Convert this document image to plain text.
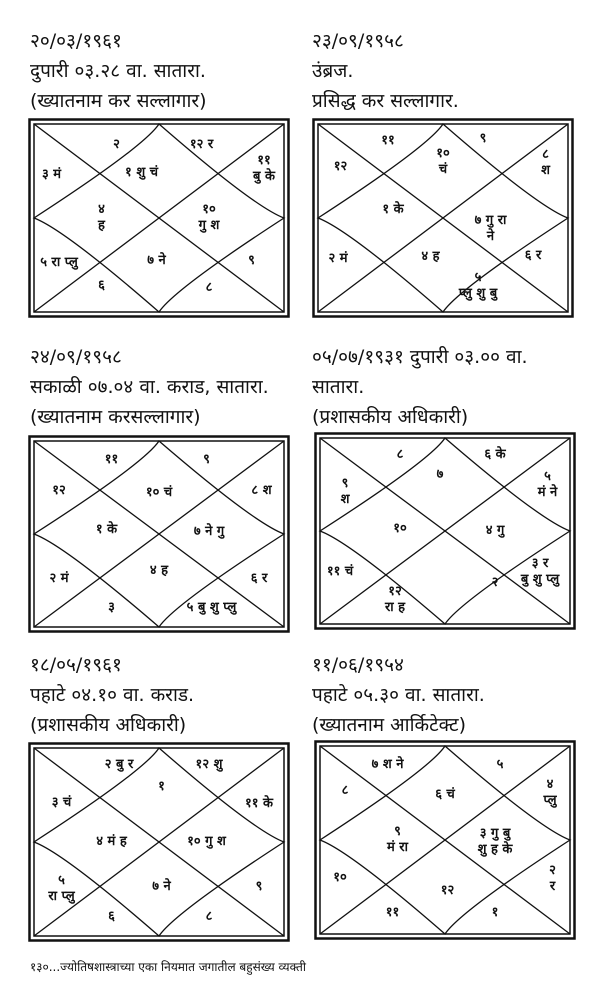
२०/०३/१९६१
दुपारी ०३.२८ वा. सातारा.
(ख्यातनाम कर सल्लागार)
१ शु चं
२
३ मं
४
ह
५ रा प्लु
६
७ ने
८
९
१०
गु श
११
बु के
१२ र
२३/०९/१९५८
उंब्रज.
प्रसिद्ध कर सल्लागार.
१०
चं
११
१२
१ के
२ मं	४ ह
५
प्लु शु बु
६ र
७ गु रा
ने
८
श
९
२४/०९/१९५८
सकाळी ०७.०४ वा. कराड, सातारा.
(ख्यातनाम करसल्लागार)
१० चं
११
१२
१ के
२ मं
३
४ ह
५ बु शु प्लु
६ र
७ ने गु
८ श
९
०५/०७/१९३१ दुपारी ०३.०० वा.
सातारा.
(प्रशासकीय अधिकारी)
७
८
९
श
१०
११ चं
१२
रा ह
२
४ गु
३ र
बु शु प्लु
५
मं ने
६ के
१८/०५/१९६१
पहाटे ०४.१० वा. कराड.
(प्रशासकीय अधिकारी)
१
२ बु र
३ चं
४ मं ह
५
रा प्लु
६
७ ने
८
९
१० गु श
११ के
१२ शु
११/०६/१९५४
पहाटे ०५.३० वा. सातारा.
(ख्यातनाम आर्किटेक्ट)
६ चं
७ श ने
८
९
मं रा
१०
११
१२
१
२
र
३ गु बु
शु ह के
४
प्लु
५
१३०...ज्योतिषशास्त्राच्या एका नियमात जगातील बहुसंख्य व्यक्ती
